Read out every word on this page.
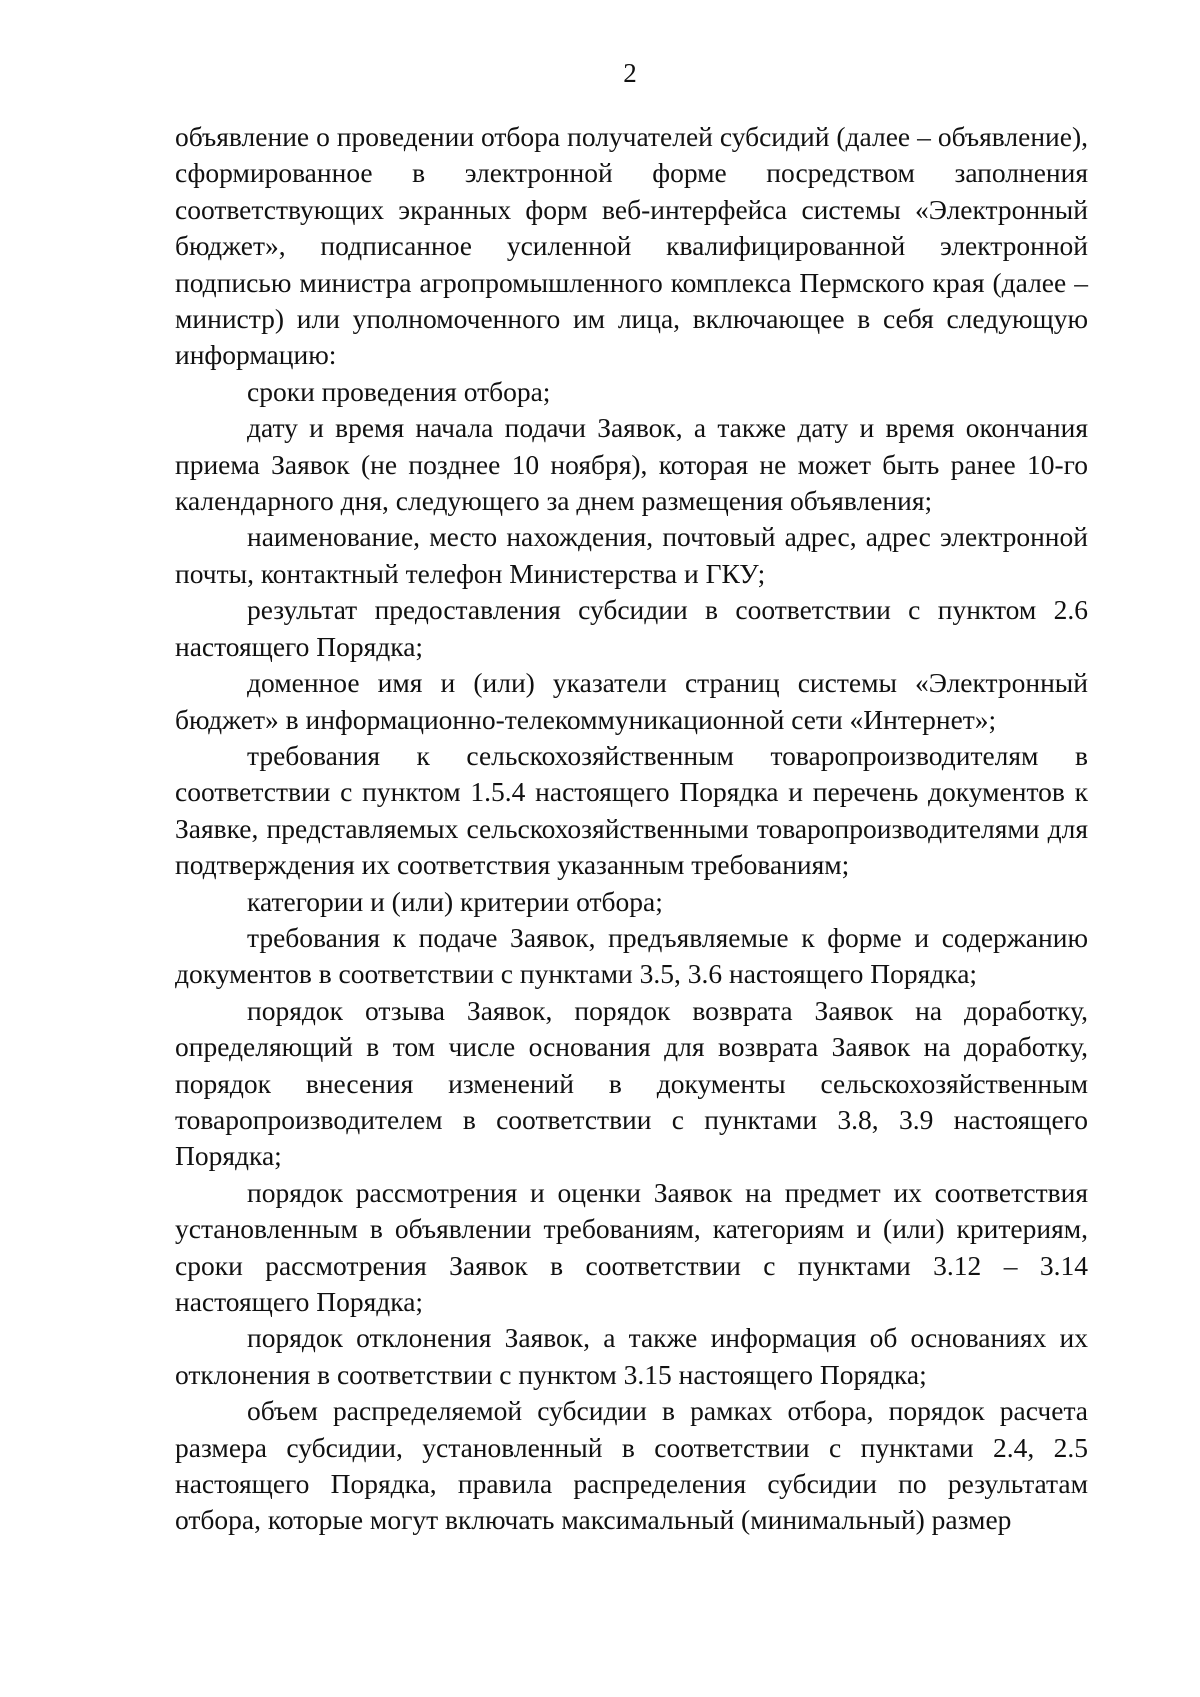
2

объявление о проведении отбора получателей субсидий (далее – объявление), сформированное в электронной форме посредством заполнения соответствующих экранных форм веб-интерфейса системы «Электронный бюджет», подписанное усиленной квалифицированной электронной подписью министра агропромышленного комплекса Пермского края (далее – министр) или уполномоченного им лица, включающее в себя следующую информацию:

сроки проведения отбора;

дату и время начала подачи Заявок, а также дату и время окончания приема Заявок (не позднее 10 ноября), которая не может быть ранее 10-го календарного дня, следующего за днем размещения объявления;

наименование, место нахождения, почтовый адрес, адрес электронной почты, контактный телефон Министерства и ГКУ;

результат предоставления субсидии в соответствии с пунктом 2.6 настоящего Порядка;

доменное имя и (или) указатели страниц системы «Электронный бюджет» в информационно-телекоммуникационной сети «Интернет»;

требования к сельскохозяйственным товаропроизводителям в соответствии с пунктом 1.5.4 настоящего Порядка и перечень документов к Заявке, представляемых сельскохозяйственными товаропроизводителями для подтверждения их соответствия указанным требованиям;

категории и (или) критерии отбора;

требования к подаче Заявок, предъявляемые к форме и содержанию документов в соответствии с пунктами 3.5, 3.6 настоящего Порядка;

порядок отзыва Заявок, порядок возврата Заявок на доработку, определяющий в том числе основания для возврата Заявок на доработку, порядок внесения изменений в документы сельскохозяйственным товаропроизводителем в соответствии с пунктами 3.8, 3.9 настоящего Порядка;

порядок рассмотрения и оценки Заявок на предмет их соответствия установленным в объявлении требованиям, категориям и (или) критериям, сроки рассмотрения Заявок в соответствии с пунктами 3.12 – 3.14 настоящего Порядка;

порядок отклонения Заявок, а также информация об основаниях их отклонения в соответствии с пунктом 3.15 настоящего Порядка;

объем распределяемой субсидии в рамках отбора, порядок расчета размера субсидии, установленный в соответствии с пунктами 2.4, 2.5 настоящего Порядка, правила распределения субсидии по результатам отбора, которые могут включать максимальный (минимальный) размер
